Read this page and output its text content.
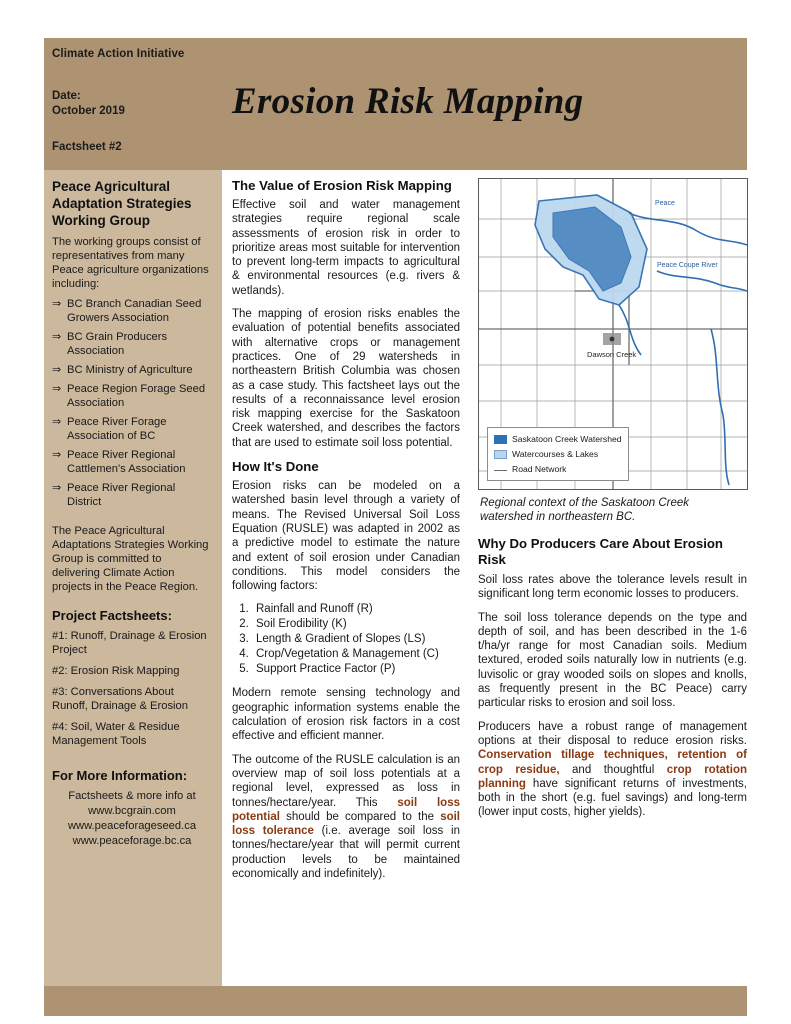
Climate Action Initiative
Date:
October 2019
Factsheet #2
Erosion Risk Mapping
Peace Agricultural Adaptation Strategies Working Group
The working groups consist of representatives from many Peace agriculture organizations including:
⇒ BC Branch Canadian Seed Growers Association
⇒ BC Grain Producers Association
⇒ BC Ministry of Agriculture
⇒ Peace Region Forage Seed Association
⇒ Peace River Forage Association of BC
⇒ Peace River Regional Cattlemen's Association
⇒ Peace River Regional District
The Peace Agricultural Adaptations Strategies Working Group is committed to delivering Climate Action projects in the Peace Region.
Project Factsheets:
#1: Runoff, Drainage & Erosion Project
#2: Erosion Risk Mapping
#3: Conversations About Runoff, Drainage & Erosion
#4: Soil, Water & Residue Management Tools
For More Information:
Factsheets & more info at
www.bcgrain.com
www.peaceforageseed.ca
www.peaceforage.bc.ca
The Value of Erosion Risk Mapping

Effective soil and water management strategies require regional scale assessments of erosion risk in order to prioritize areas most suitable for intervention to prevent long-term impacts to agricultural & environmental resources (e.g. rivers & wetlands).

The mapping of erosion risks enables the evaluation of potential benefits associated with alternative crops or management practices. One of 29 watersheds in northeastern British Columbia was chosen as a case study. This factsheet lays out the results of a reconnaissance level erosion risk mapping exercise for the Saskatoon Creek watershed, and describes the factors that are used to estimate soil loss potential.

How It's Done

Erosion risks can be modeled on a watershed basin level through a variety of means. The Revised Universal Soil Loss Equation (RUSLE) was adapted in 2002 as a predictive model to estimate the nature and extent of soil erosion under Canadian conditions. This model considers the following factors:

1. Rainfall and Runoff (R)
2. Soil Erodibility (K)
3. Length & Gradient of Slopes (LS)
4. Crop/Vegetation & Management (C)
5. Support Practice Factor (P)

Modern remote sensing technology and geographic information systems enable the calculation of erosion risk factors in a cost effective and efficient manner.

The outcome of the RUSLE calculation is an overview map of soil loss potentials at a regional level, expressed as loss in tonnes/hectare/year. This soil loss potential should be compared to the soil loss tolerance (i.e. average soil loss in tonnes/hectare/year that will permit current production levels to be maintained economically and indefinitely).

Dawson Creek
Peace
Peace Coupe River
Saskatoon Creek Watershed
Watercourses & Lakes
Road Network
Regional context of the Saskatoon Creek watershed in northeastern BC.
Why Do Producers Care About Erosion Risk

Soil loss rates above the tolerance levels result in significant long term economic losses to producers.

The soil loss tolerance depends on the type and depth of soil, and has been described in the 1-6 t/ha/yr range for most Canadian soils. Medium textured, eroded soils naturally low in nutrients (e.g. luvisolic or gray wooded soils on slopes and knolls, as frequently present in the BC Peace) carry particular risks to erosion and soil loss.

Producers have a robust range of management options at their disposal to reduce erosion risks. Conservation tillage techniques, retention of crop residue, and thoughtful crop rotation planning have significant returns of investments, both in the short (e.g. fuel savings) and long-term (lower input costs, higher yields).
